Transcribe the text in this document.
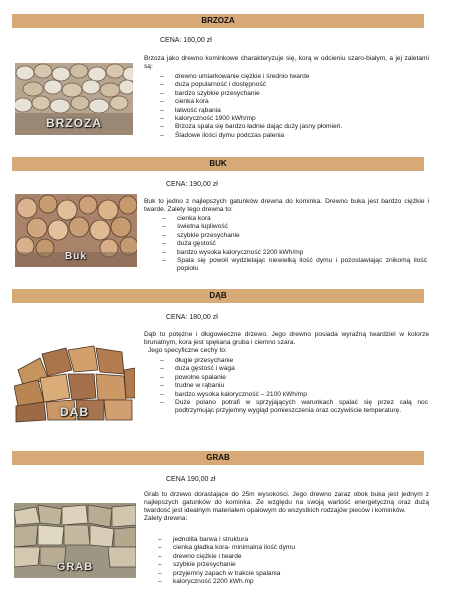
BRZOZA
CENA: 160,00 zł
BRZOZA

Brzoza jako drewno kominkowe charakteryzuje się, korą w odcieniu szaro-białym, a jej zaletami są:

– drewno umiarkowanie ciężkie i średnio twarde
– duża popularność i dostępność
– bardzo szybkie przesychanie
– cienka kora
– łatwość rąbania
– kaloryczność 1900 kWh/mp
– Brzoza spala się bardzo ładnie dając duży jasny płomień.
– Śladowe ilości dymu podczas palenia
BUK
CENA: 190,00 zł
Buk

Buk to jedno z najlepszych gatunków drewna do kominka. Drewno buka jest bardzo ciężkie i twarde. Zalety tego drewna to:

– cienka kora
– świetna łupliwość
– szybkie przesychanie
– duża gęstość
– bardzo wysoka kaloryczność 2200 kWh/mp
– Spala się powoli wydzielając niewielką ilość dymu i pozostawiając znikomą ilość popiołu
DĄB
CENA: 180,00 zł
DĄB

Dąb to potężne i długowieczne drzewo. Jego drewno posiada wyraźną twardziel w kolorze brunatnym, kora jest spękana gruba i ciemno szara.

Jego specyficzne cechy to:

– długie przesychanie
– duża gęstość i waga
– powolne spalanie
– trudne w rąbaniu
– bardzo wysoka kaloryczność – 2100 kWh/mp
– Duże polano potrafi w sprzyjających warunkach spalać się przez całą noc podtrzymując przyjemny wygląd pomieszczenia oraz oczywiście temperaturę.
GRAB
CENA 190,00 zł
GRAB

Grab to drzewo dorastające do 25m wysokości. Jego drewno zaraz obok buka jest jednym z najlepszych gatunków do kominka. Ze względu na swoją wartość energetyczną oraz dużą twardość jest idealnym materiałem opałowym do wszystkich rodzajów pieców i kominków.

Zalety drewna:

– jednolita barwa i struktura
– cienka gładka kora- minimalna ilość dymu
– drewno ciężkie i twarde
– szybkie przesychanie
– przyjemny zapach w trakcie spalania
– kaloryczność 2200 kWh.mp
